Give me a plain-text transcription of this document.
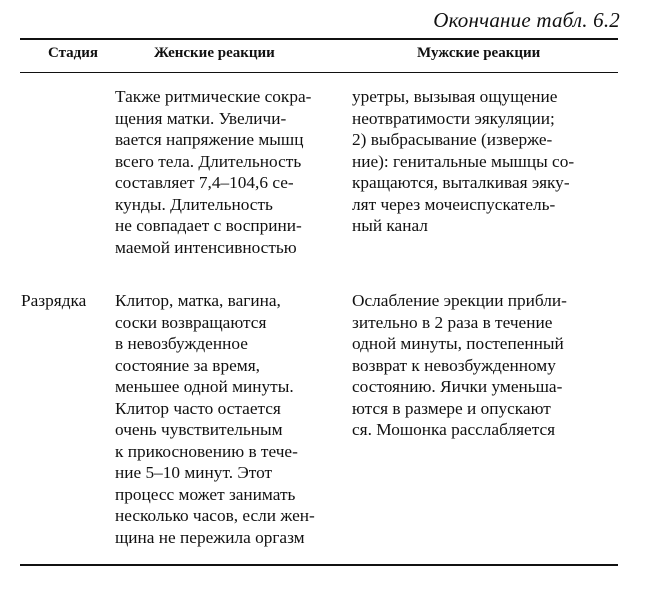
Окончание табл. 6.2
Стадия	Женские реакции	Мужские реакции
Также ритмические сокра-
щения матки. Увеличи-
вается напряжение мышц
всего тела. Длительность
составляет 7,4–104,6 се-
кунды. Длительность
не совпадает с восприни-
маемой интенсивностью
уретры, вызывая ощущение
неотвратимости эякуляции;
2) выбрасывание (изверже-
ние): генитальные мышцы со-
кращаются, выталкивая эяку-
лят через мочеиспускатель-
ный канал
Разрядка Клитор, матка, вагина,
соски возвращаются
в невозбужденное
состояние за время,
меньшее одной минуты.
Клитор часто остается
очень чувствительным
к прикосновению в тече-
ние 5–10 минут. Этот
процесс может занимать
несколько часов, если жен-
щина не пережила оргазм
Ослабление эрекции прибли-
зительно в 2 раза в течение
одной минуты, постепенный
возврат к невозбужденному
состоянию. Яички уменьша-
ются в размере и опускают
ся. Мошонка расслабляется
